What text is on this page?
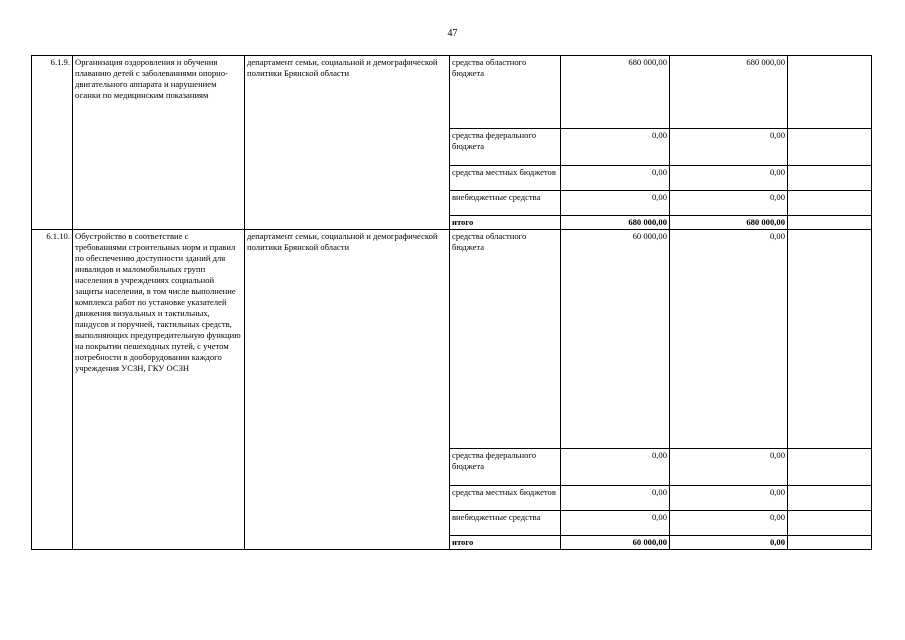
47
6.1.9.	Организация оздоровления и обучения плаванию детей с заболеваниями опорно-двигательного аппарата и нарушением осанки по медицинским показаниям	департамент семьи, социальной и демографической политики Брянской области	средства областного бюджета	680 000,00	680 000,00	
			средства федерального бюджета	0,00	0,00	
			средства местных бюджетов	0,00	0,00	
			внебюджетные средства	0,00	0,00	
			итого	680 000,00	680 000,00	
6.1.10.	Обустройство в соответствие с требованиями строительных норм и правил по обеспечению доступности зданий для инвалидов и маломобильных групп населения в учреждениях социальной защиты населения, в том числе выполнение комплекса работ по установке указателей движения визуальных и тактильных, пандусов и поручней, тактильных средств, выполняющих предупредительную функцию на покрытии пешеходных путей, с учетом потребности в дооборудовании каждого учреждения УСЗН, ГКУ ОСЗН	департамент семьи, социальной и демографической политики Брянской области	средства областного бюджета	60 000,00	0,00	
			средства федерального бюджета	0,00	0,00	
			средства местных бюджетов	0,00	0,00	
			внебюджетные средства	0,00	0,00	
			итого	60 000,00	0,00	
